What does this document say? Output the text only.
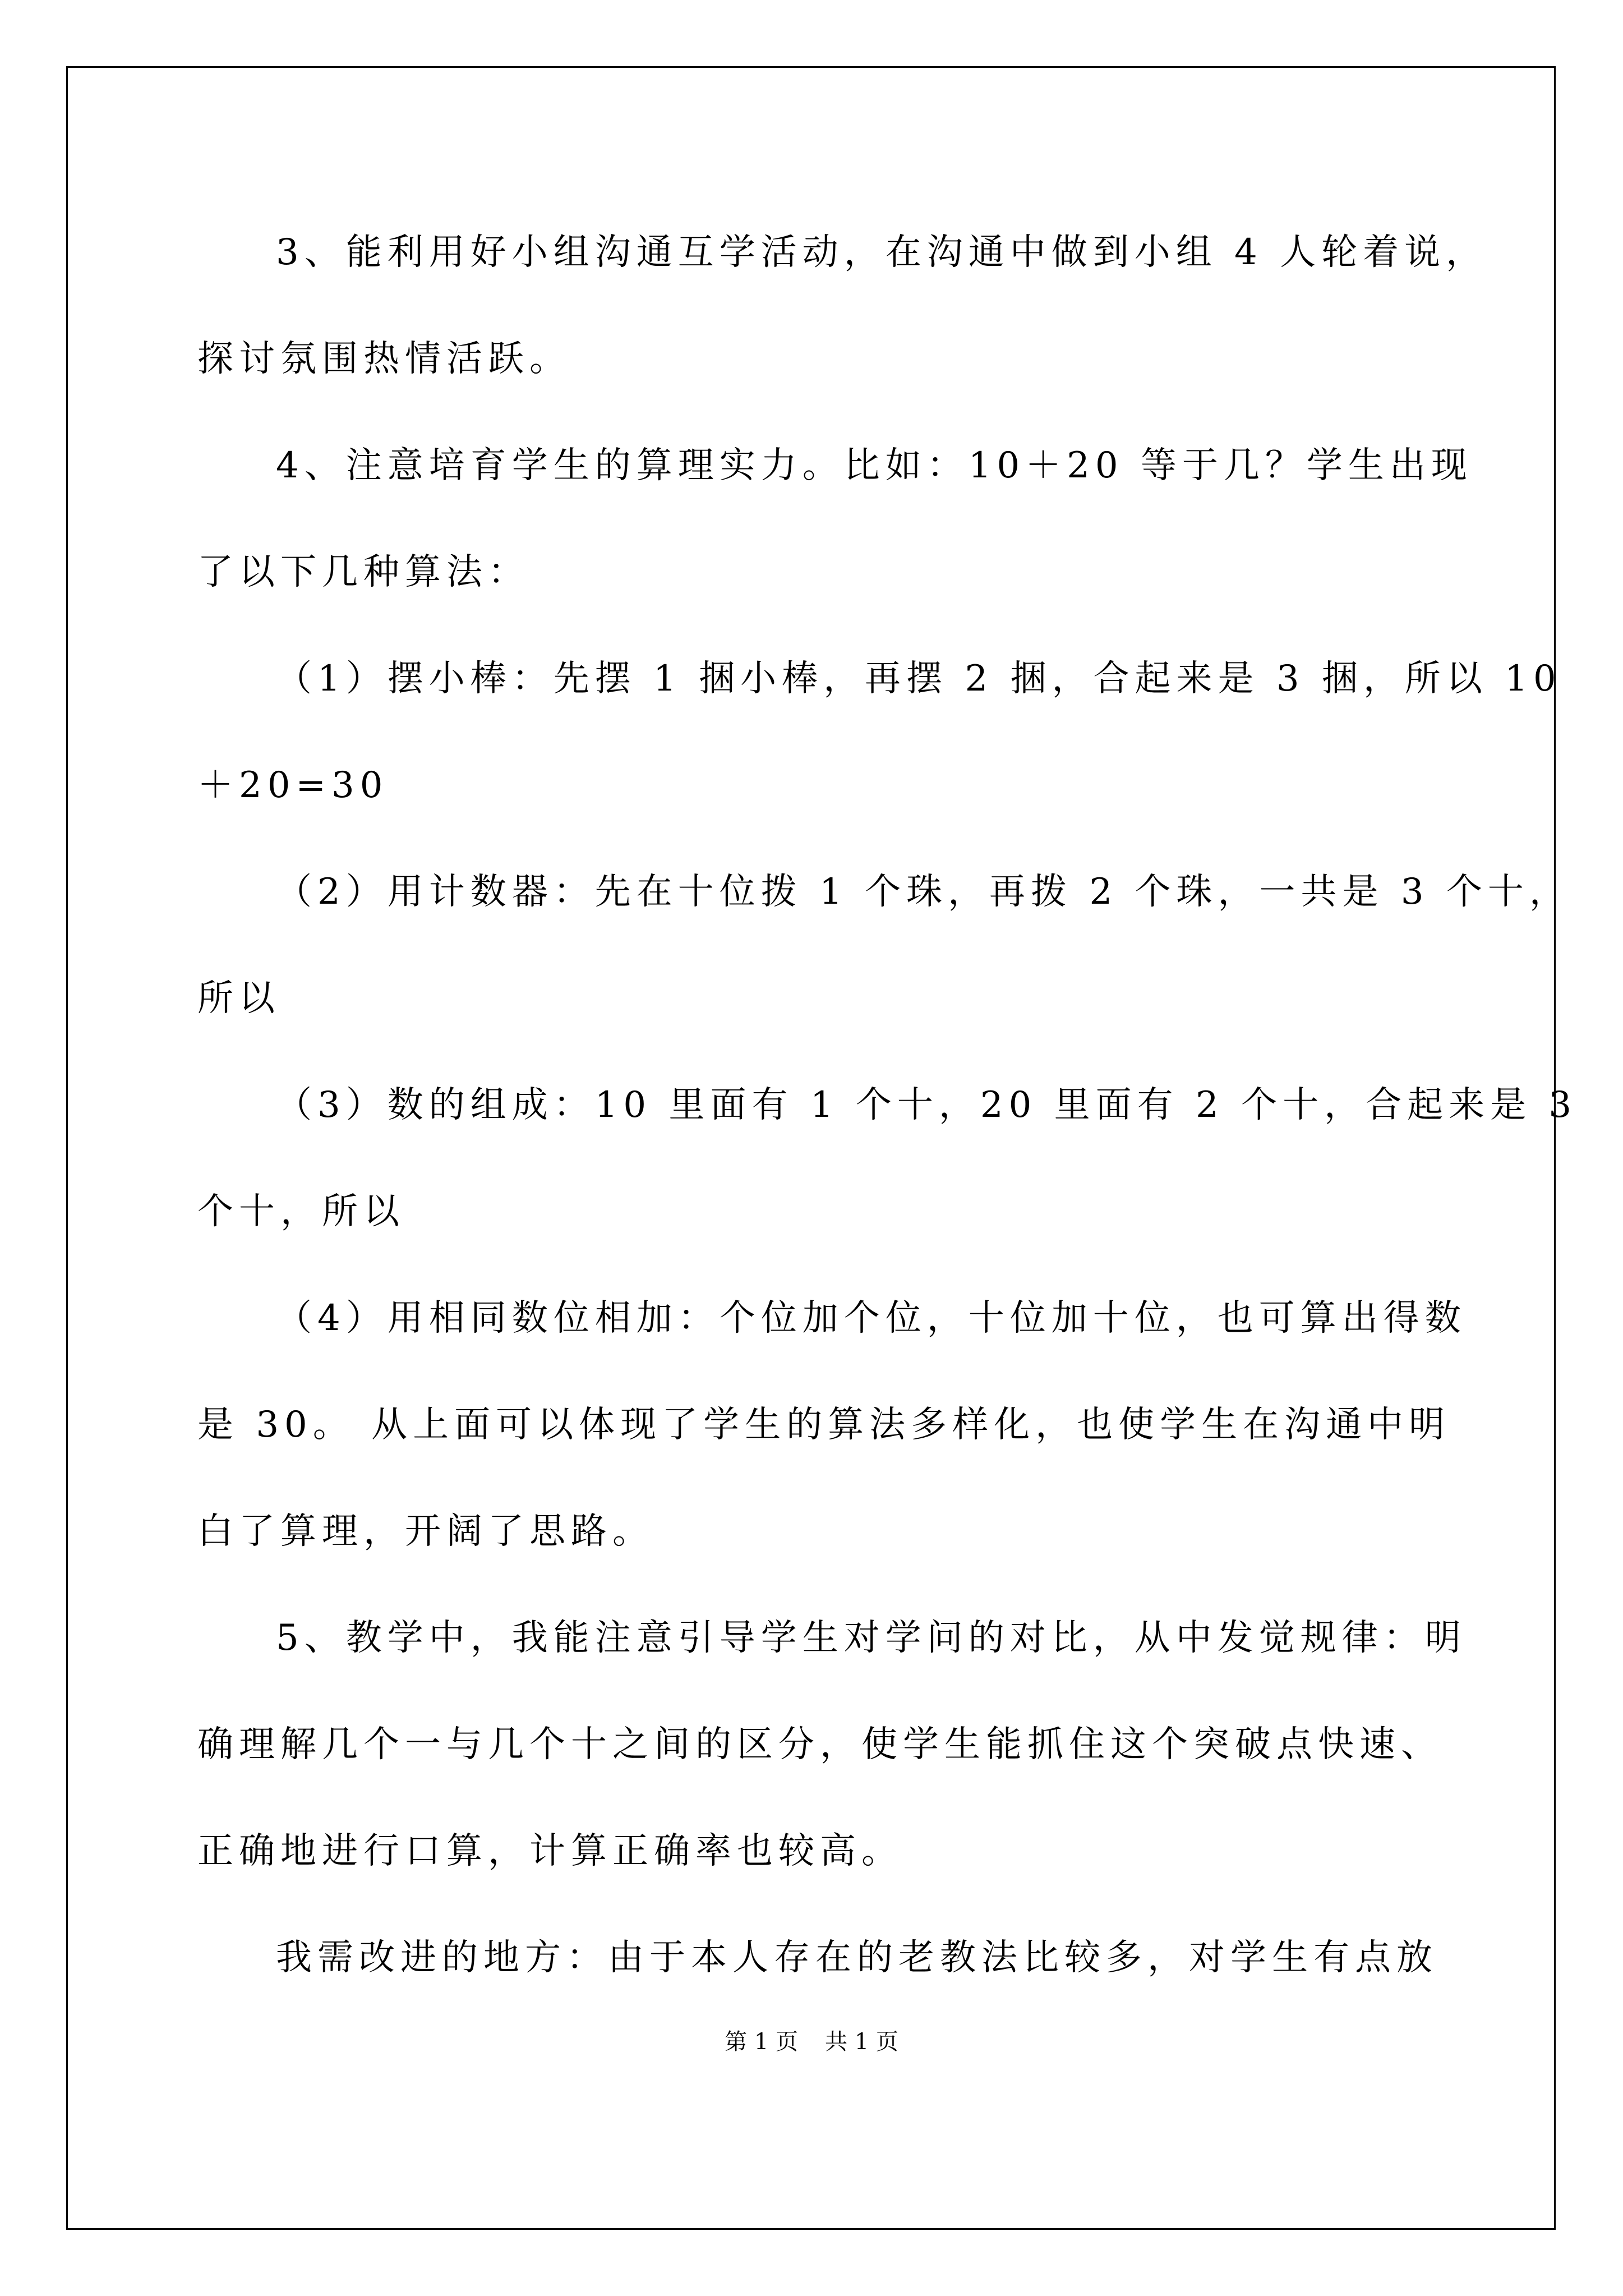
3、能利用好小组沟通互学活动，在沟通中做到小组 4 人轮着说，
探讨氛围热情活跃。
4、注意培育学生的算理实力。比如：10＋20 等于几？学生出现
了以下几种算法：
（1）摆小棒：先摆 1 捆小棒，再摆 2 捆，合起来是 3 捆，所以 10
＋20=30
（2）用计数器：先在十位拨 1 个珠，再拨 2 个珠，一共是 3 个十，
所以
（3）数的组成：10 里面有 1 个十，20 里面有 2 个十，合起来是 3
个十，所以
（4）用相同数位相加：个位加个位，十位加十位，也可算出得数
是 30。 从上面可以体现了学生的算法多样化，也使学生在沟通中明
白了算理，开阔了思路。
5、教学中，我能注意引导学生对学问的对比，从中发觉规律：明
确理解几个一与几个十之间的区分，使学生能抓住这个突破点快速、
正确地进行口算，计算正确率也较高。
我需改进的地方：由于本人存在的老教法比较多，对学生有点放
第 1 页 共 1 页
